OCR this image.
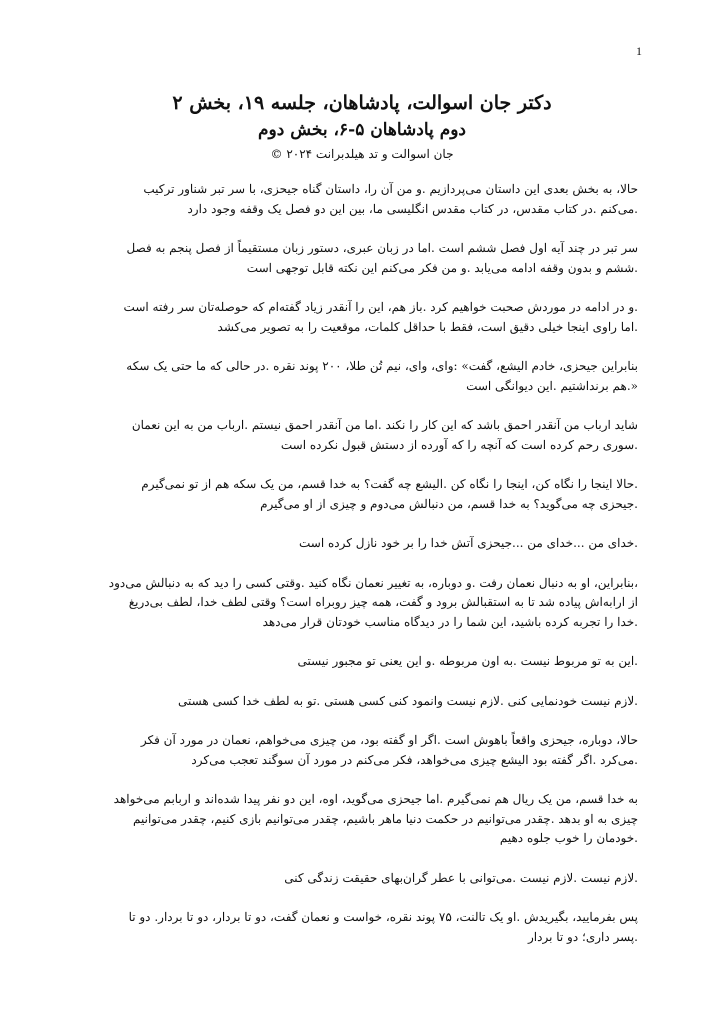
1
دکتر جان اسوالت، پادشاهان، جلسه ۱۹، بخش ۲
دوم پادشاهان ۵-۶، بخش دوم
جان اسوالت و تد هیلدبرانت ۲۰۲۴ ©
حالا، به بخش بعدی این داستان می‌پردازیم .و من آن را، داستان گناه جیحزی، با سر تبر شناور ترکیب
.می‌کنم .در کتاب مقدس، در کتاب مقدس انگلیسی ما، بین این دو فصل یک وقفه وجود دارد
سر تبر در چند آیه اول فصل ششم است .اما در زبان عبری، دستور زبان مستقیماً از فصل پنجم به فصل
.ششم و بدون وقفه ادامه می‌یابد .و من فکر می‌کنم این نکته قابل توجهی است
.و در ادامه در موردش صحبت خواهیم کرد .باز هم، این را آنقدر زیاد گفته‌ام که حوصله‌تان سر رفته است
.اما راوی اینجا خیلی دقیق است، فقط با حداقل کلمات، موقعیت را به تصویر می‌کشد
بنابراین جیحزی، خادم الیشع، گفت» :وای، وای، نیم تُن طلا، ۲۰۰ پوند نقره .در حالی که ما حتی یک سکه
«.هم برنداشتیم .این دیوانگی است
شاید ارباب من آنقدر احمق باشد که این کار را نکند .اما من آنقدر احمق نیستم .ارباب من به این نعمان
.سوری رحم کرده است که آنچه را که آورده از دستش قبول نکرده است
.حالا اینجا را نگاه کن، اینجا را نگاه کن .الیشع چه گفت؟ به خدا قسم، من یک سکه هم از تو نمی‌گیرم
.جیحزی چه می‌گوید؟ به خدا قسم، من دنبالش می‌دوم و چیزی از او می‌گیرم
.خدای من ...خدای من ...جیحزی آتش خدا را بر خود نازل کرده است
،بنابراین، او به دنبال نعمان رفت .و دوباره، به تغییر نعمان نگاه کنید .وقتی کسی را دید که به دنبالش می‌دود
از ارابه‌اش پیاده شد تا به استقبالش برود و گفت، همه چیز روبراه است؟ وقتی لطف خدا، لطف بی‌دریغ
.خدا را تجربه کرده باشید، این شما را در دیدگاه مناسب خودتان قرار می‌دهد
.این به تو مربوط نیست .به اون مربوطه .و این یعنی تو مجبور نیستی
.لازم نیست خودنمایی کنی .لازم نیست وانمود کنی کسی هستی .تو به لطف خدا کسی هستی
حالا، دوباره، جیحزی واقعاً باهوش است .اگر او گفته بود، من چیزی می‌خواهم، نعمان در مورد آن فکر
.می‌کرد .اگر گفته بود الیشع چیزی می‌خواهد، فکر می‌کنم در مورد آن سوگند تعجب می‌کرد
به خدا قسم، من یک ریال هم نمی‌گیرم .اما جیحزی می‌گوید، اوه، این دو نفر پیدا شده‌اند و اربابم می‌خواهد
چیزی به او بدهد .چقدر می‌توانیم در حکمت دنیا ماهر باشیم، چقدر می‌توانیم بازی کنیم، چقدر می‌توانیم
.خودمان را خوب جلوه دهیم
.لازم نیست .لازم نیست .می‌توانی با عطر گران‌بهای حقیقت زندگی کنی
پس بفرمایید، بگیریدش .او یک تالنت، ۷۵ پوند نقره، خواست و نعمان گفت، دو تا بردار، دو تا بردار. دو تا
.پسر داری؛ دو تا بردار
